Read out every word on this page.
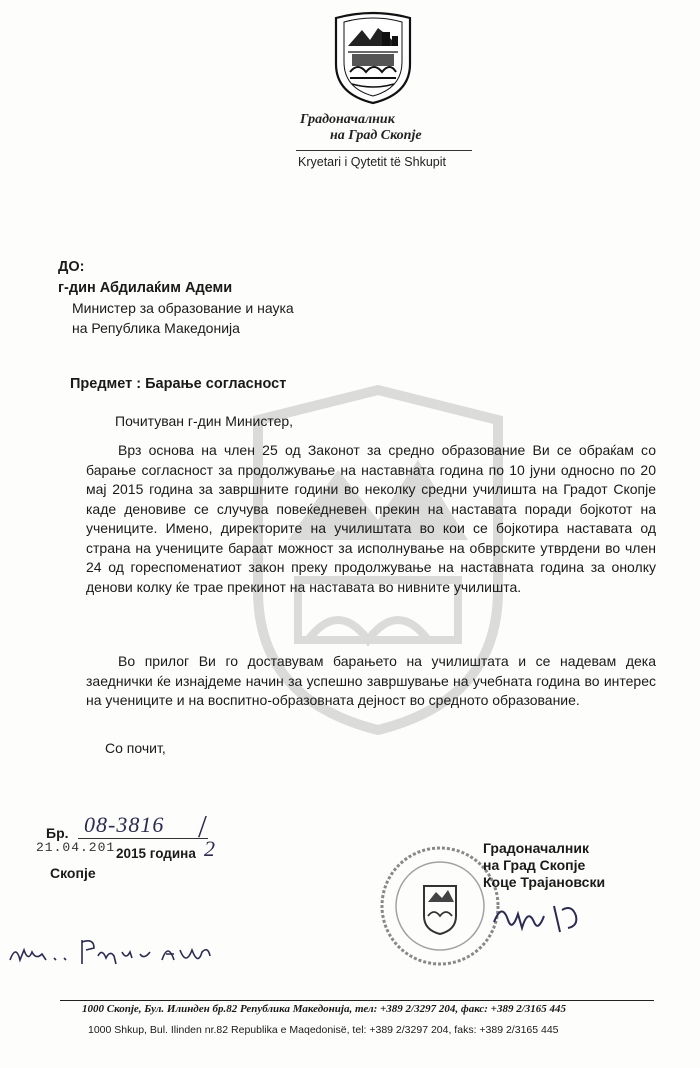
Градоначалник
на Град Скопје
Kryetari i Qytetit të Shkupit
ДО:

г-дин Абдилаќим Адеми

Министер за образование и наука

на Република Македонија

Предмет : Барање согласност
Почитуван г-дин Министер,

Врз основа на член 25 од Законот за средно образование Ви се обраќам со барање согласност за продолжување на наставната година по 10 јуни односно по 20 мај 2015 година за завршните години во неколку средни училишта на Градот Скопје каде деновиве се случува повеќедневен прекин на наставата поради бојкотот на учениците. Имено, директорите на училиштата во кои се бојкотира наставата од страна на учениците бараат можност за исполнување на обврските утврдени во член 24 од гореспоменатиот закон преку продолжување на наставната година за онолку денови колку ќе трае прекинот на наставата во нивните училишта.

Во прилог Ви го доставувам барањето на училиштата и се надевам дека заеднички ќе изнајдеме начин за успешно завршување на учебната година во интерес на учениците и на воспитно-образовната дејност во средното образование.

Со почит,
08-3816
Бр.	/
2
21.04.201 2015 година
Скопје
Градоначалник
на Град Скопје
Коце Трајановски
1000 Скопје, Бул. Илинден бр.82 Република Македонија, тел: +389 2/3297 204, факс: +389 2/3165 445
1000 Shkup, Bul. Ilinden nr.82 Republika e Maqedonisë, tel: +389 2/3297 204, faks: +389 2/3165 445
